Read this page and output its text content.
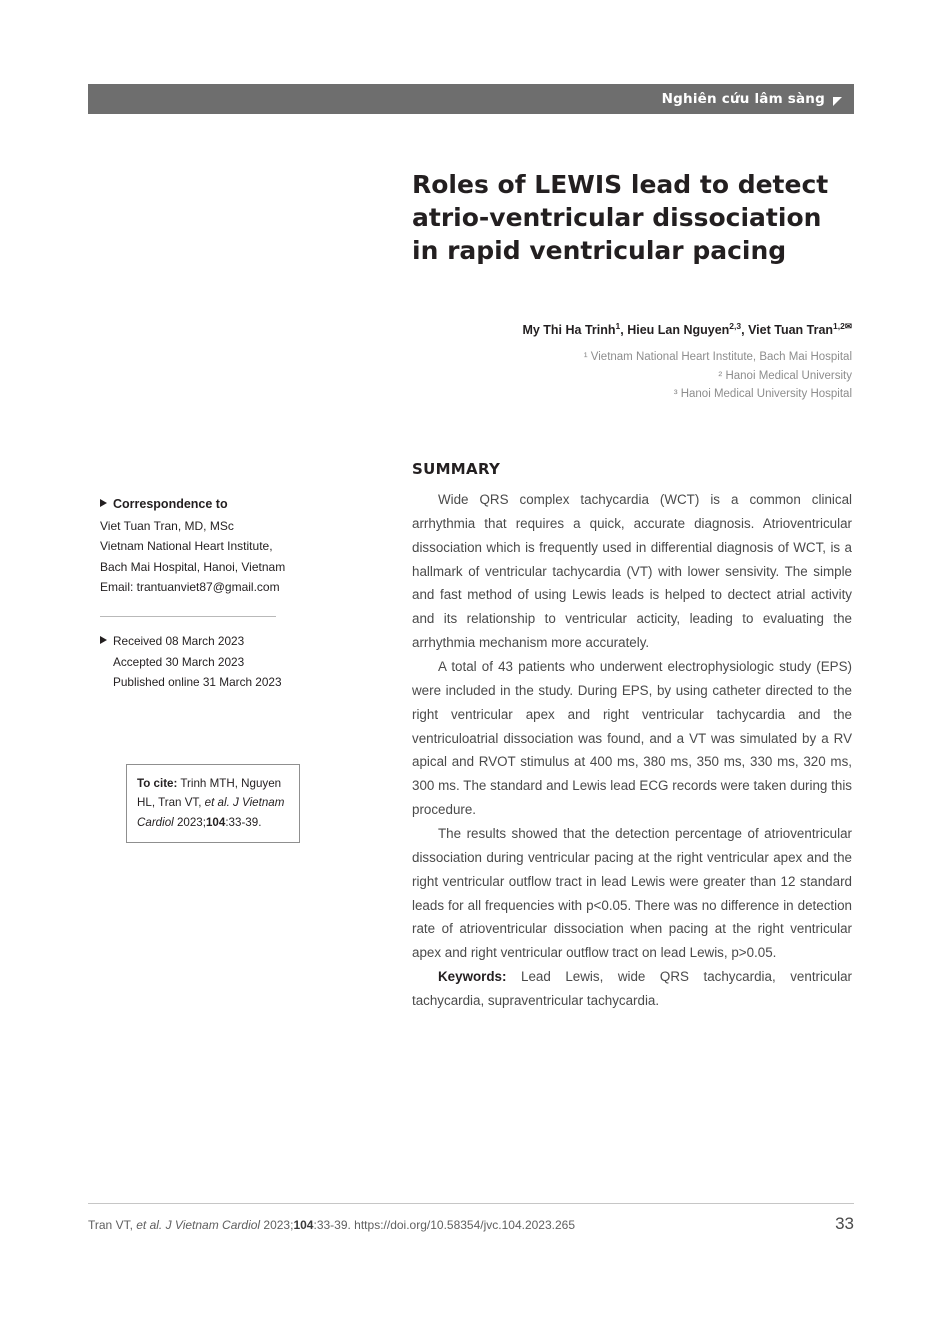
Nghiên cứu lâm sàng
Roles of LEWIS lead to detect atrio-ventricular dissociation in rapid ventricular pacing
My Thi Ha Trinh$^1$, Hieu Lan Nguyen$^{2,3}$, Viet Tuan Tran$^{1,2✉}$
¹ Vietnam National Heart Institute, Bach Mai Hospital
² Hanoi Medical University
³ Hanoi Medical University Hospital
Correspondence to
Viet Tuan Tran, MD, MSc
Vietnam National Heart Institute,
Bach Mai Hospital, Hanoi, Vietnam
Email: trantuanviet87@gmail.com
Received 08 March 2023
Accepted 30 March 2023
Published online 31 March 2023
To cite: Trinh MTH, Nguyen HL, Tran VT, et al. J Vietnam Cardiol 2023;104:33-39.
SUMMARY

Wide QRS complex tachycardia (WCT) is a common clinical arrhythmia that requires a quick, accurate diagnosis. Atrioventricular dissociation which is frequently used in differential diagnosis of WCT, is a hallmark of ventricular tachycardia (VT) with lower sensivity. The simple and fast method of using Lewis leads is helped to dectect atrial activity and its relationship to ventricular acticity, leading to evaluating the arrhythmia mechanism more accurately.

A total of 43 patients who underwent electrophysiologic study (EPS) were included in the study. During EPS, by using catheter directed to the right ventricular apex and right ventricular tachycardia and the ventriculoatrial dissociation was found, and a VT was simulated by a RV apical and RVOT stimulus at 400 ms, 380 ms, 350 ms, 330 ms, 320 ms, 300 ms. The standard and Lewis lead ECG records were taken during this procedure.

The results showed that the detection percentage of atrioventricular dissociation during ventricular pacing at the right ventricular apex and the right ventricular outflow tract in lead Lewis were greater than 12 standard leads for all frequencies with p<0.05. There was no difference in detection rate of atrioventricular dissociation when pacing at the right ventricular apex and right ventricular outflow tract on lead Lewis, p>0.05.

Keywords: Lead Lewis, wide QRS tachycardia, ventricular tachycardia, supraventricular tachycardia.

Tran VT, et al. J Vietnam Cardiol 2023;104:33-39. https://doi.org/10.58354/jvc.104.2023.265	33
